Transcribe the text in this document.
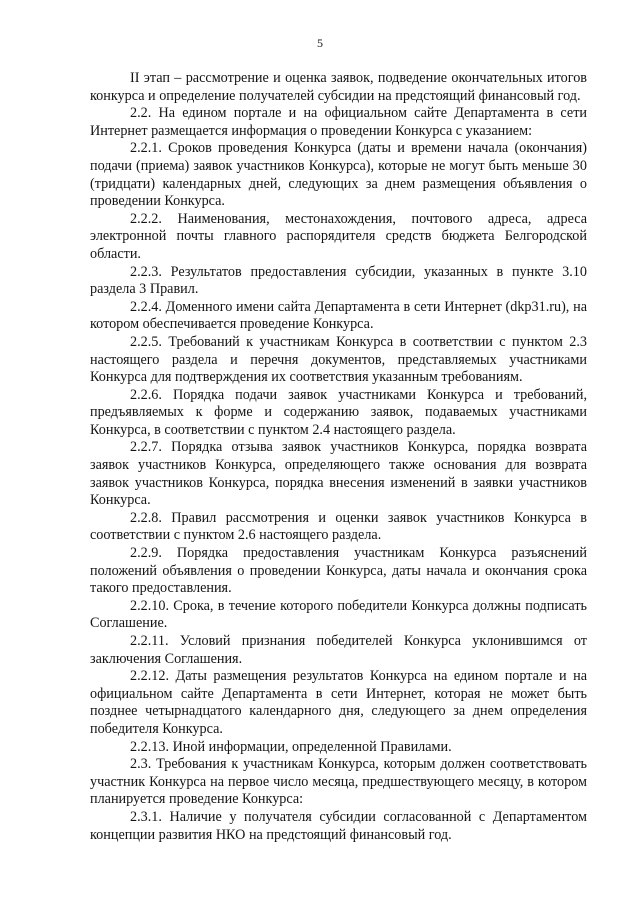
5

II этап – рассмотрение и оценка заявок, подведение окончательных итогов конкурса и определение получателей субсидии на предстоящий финансовый год.

2.2. На едином портале и на официальном сайте Департамента в сети Интернет размещается информация о проведении Конкурса с указанием:

2.2.1. Сроков проведения Конкурса (даты и времени начала (окончания) подачи (приема) заявок участников Конкурса), которые не могут быть меньше 30 (тридцати) календарных дней, следующих за днем размещения объявления о проведении Конкурса.

2.2.2. Наименования, местонахождения, почтового адреса, адреса электронной почты главного распорядителя средств бюджета Белгородской области.

2.2.3. Результатов предоставления субсидии, указанных в пункте 3.10 раздела 3 Правил.

2.2.4. Доменного имени сайта Департамента в сети Интернет (dkp31.ru), на котором обеспечивается проведение Конкурса.

2.2.5. Требований к участникам Конкурса в соответствии с пунктом 2.3 настоящего раздела и перечня документов, представляемых участниками Конкурса для подтверждения их соответствия указанным требованиям.

2.2.6. Порядка подачи заявок участниками Конкурса и требований, предъявляемых к форме и содержанию заявок, подаваемых участниками Конкурса, в соответствии с пунктом 2.4 настоящего раздела.

2.2.7. Порядка отзыва заявок участников Конкурса, порядка возврата заявок участников Конкурса, определяющего также основания для возврата заявок участников Конкурса, порядка внесения изменений в заявки участников Конкурса.

2.2.8. Правил рассмотрения и оценки заявок участников Конкурса в соответствии с пунктом 2.6 настоящего раздела.

2.2.9. Порядка предоставления участникам Конкурса разъяснений положений объявления о проведении Конкурса, даты начала и окончания срока такого предоставления.

2.2.10. Срока, в течение которого победители Конкурса должны подписать Соглашение.

2.2.11. Условий признания победителей Конкурса уклонившимся от заключения Соглашения.

2.2.12. Даты размещения результатов Конкурса на едином портале и на официальном сайте Департамента в сети Интернет, которая не может быть позднее четырнадцатого календарного дня, следующего за днем определения победителя Конкурса.

2.2.13. Иной информации, определенной Правилами.

2.3. Требования к участникам Конкурса, которым должен соответствовать участник Конкурса на первое число месяца, предшествующего месяцу, в котором планируется проведение Конкурса:

2.3.1. Наличие у получателя субсидии согласованной с Департаментом концепции развития НКО на предстоящий финансовый год.
